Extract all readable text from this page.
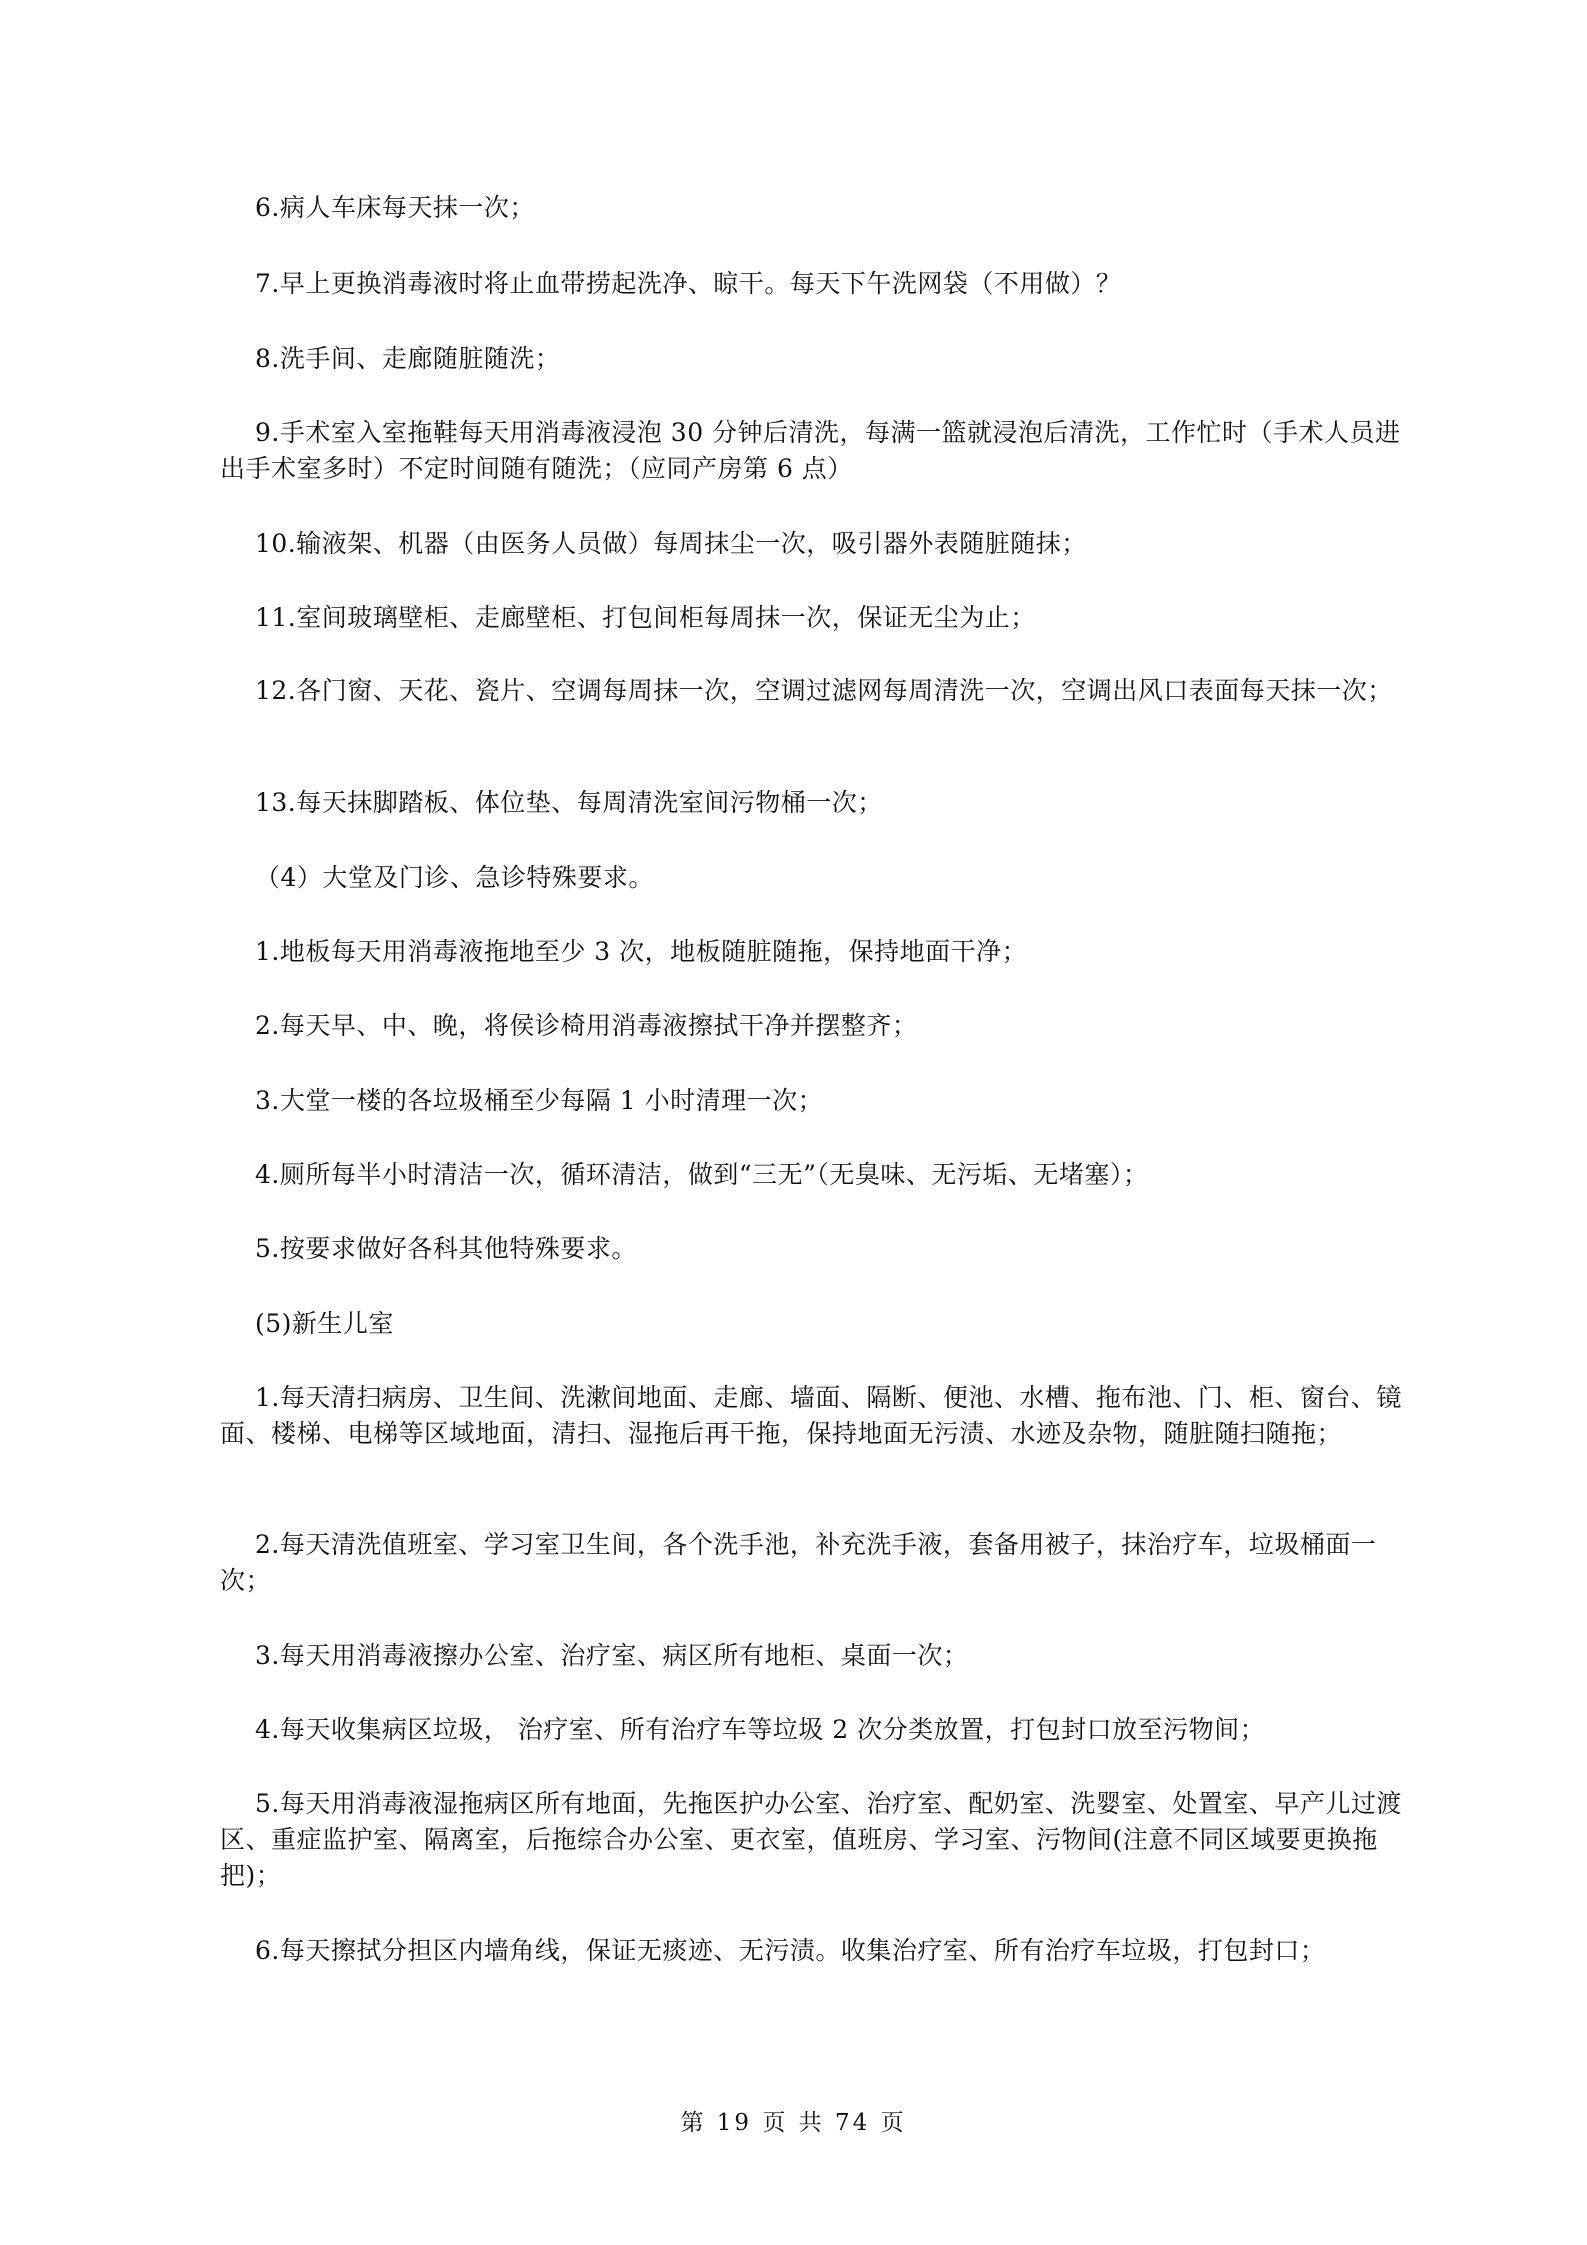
6.病人车床每天抹一次；

7.早上更换消毒液时将止血带捞起洗净、晾干。每天下午洗网袋（不用做）？

8.洗手间、走廊随脏随洗；

9.手术室入室拖鞋每天用消毒液浸泡 30 分钟后清洗，每满一篮就浸泡后清洗，工作忙时（手术人员进出手术室多时）不定时间随有随洗；（应同产房第 6 点）

10.输液架、机器（由医务人员做）每周抹尘一次，吸引器外表随脏随抹；

11.室间玻璃壁柜、走廊壁柜、打包间柜每周抹一次，保证无尘为止；

12.各门窗、天花、瓷片、空调每周抹一次，空调过滤网每周清洗一次，空调出风口表面每天抹一次；

13.每天抹脚踏板、体位垫、每周清洗室间污物桶一次；

（4）大堂及门诊、急诊特殊要求。

1.地板每天用消毒液拖地至少 3 次，地板随脏随拖，保持地面干净；

2.每天早、中、晚，将侯诊椅用消毒液擦拭干净并摆整齐；

3.大堂一楼的各垃圾桶至少每隔 1 小时清理一次；

4.厕所每半小时清洁一次，循环清洁，做到“三无”（无臭味、无污垢、无堵塞）；

5.按要求做好各科其他特殊要求。

(5)新生儿室

1.每天清扫病房、卫生间、洗漱间地面、走廊、墙面、隔断、便池、水槽、拖布池、门、柜、窗台、镜面、楼梯、电梯等区域地面，清扫、湿拖后再干拖，保持地面无污渍、水迹及杂物，随脏随扫随拖；

2.每天清洗值班室、学习室卫生间，各个洗手池，补充洗手液，套备用被子，抹治疗车，垃圾桶面一次；

3.每天用消毒液擦办公室、治疗室、病区所有地柜、桌面一次；

4.每天收集病区垃圾， 治疗室、所有治疗车等垃圾 2 次分类放置，打包封口放至污物间；

5.每天用消毒液湿拖病区所有地面，先拖医护办公室、治疗室、配奶室、洗婴室、处置室、早产儿过渡区、重症监护室、隔离室，后拖综合办公室、更衣室，值班房、学习室、污物间(注意不同区域要更换拖把)；

6.每天擦拭分担区内墙角线，保证无痰迹、无污渍。收集治疗室、所有治疗车垃圾，打包封口；

第 19 页 共 74 页
